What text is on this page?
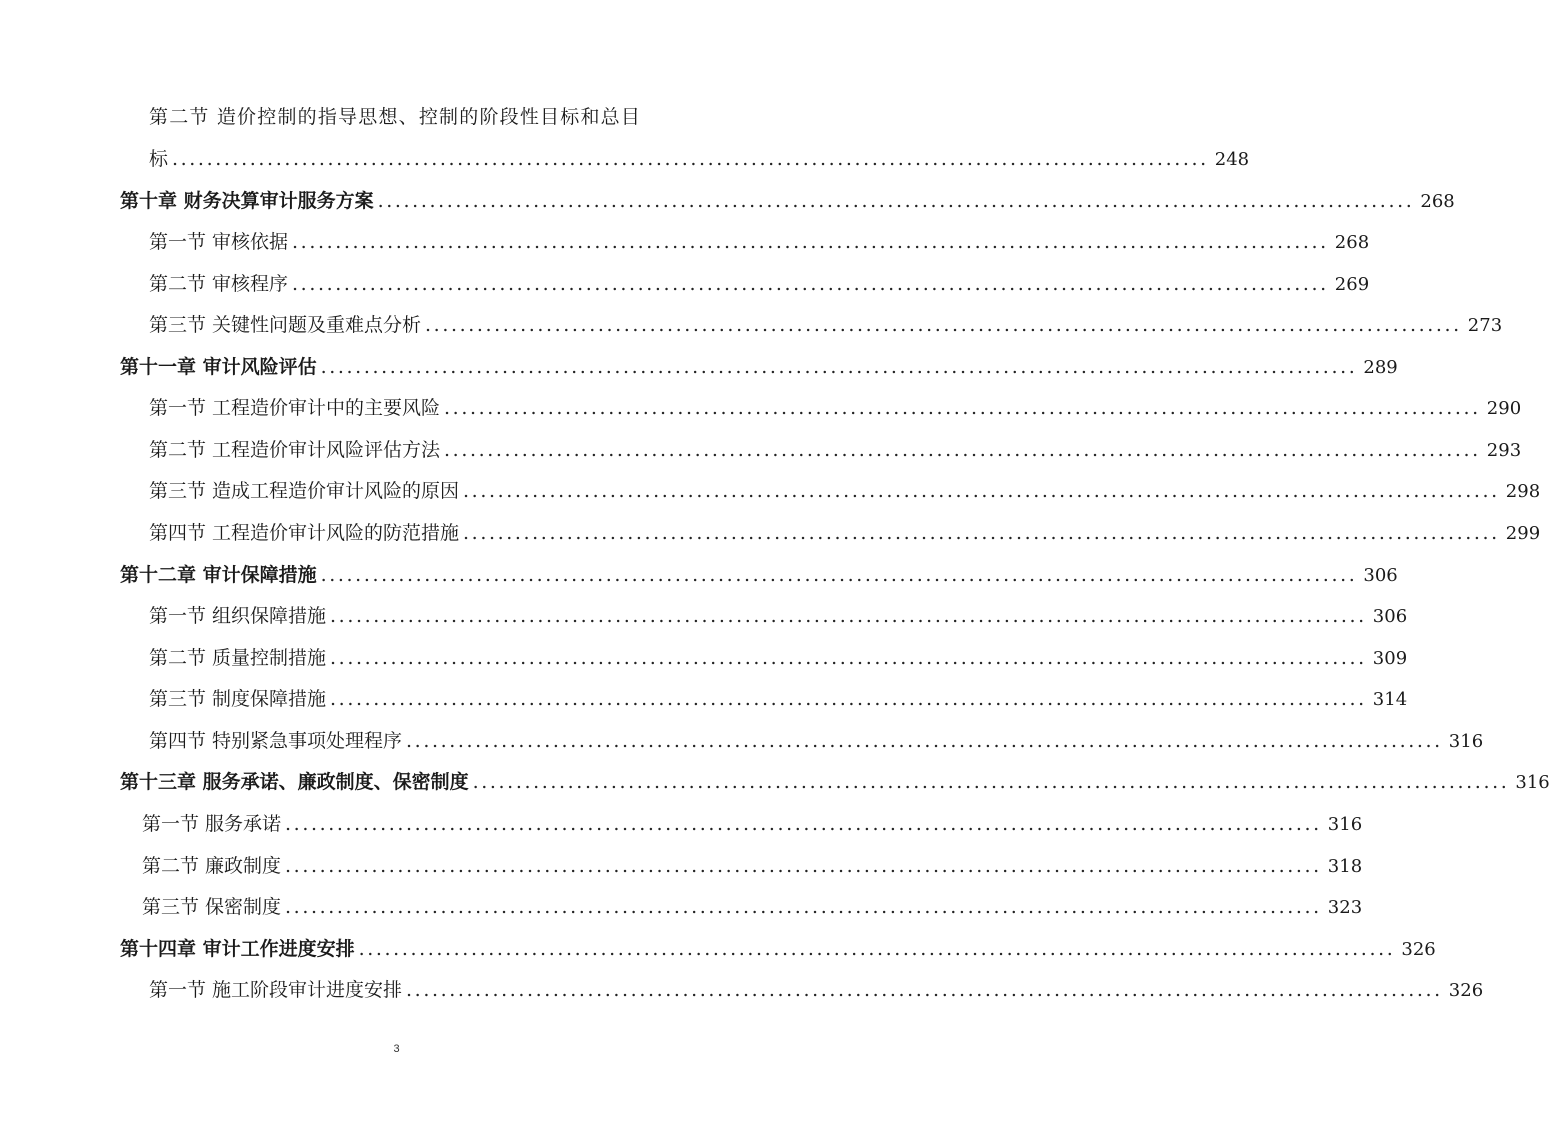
第二节 造价控制的指导思想、控制的阶段性目标和总目
标 ........................................................................................................................ 248
第十章 财务决算审计服务方案 ........................................................................................................................ 268
第一节 审核依据 ........................................................................................................................ 268
第二节 审核程序 ........................................................................................................................ 269
第三节 关键性问题及重难点分析 ........................................................................................................................ 273
第十一章 审计风险评估 ........................................................................................................................ 289
第一节 工程造价审计中的主要风险 ........................................................................................................................ 290
第二节 工程造价审计风险评估方法 ........................................................................................................................ 293
第三节 造成工程造价审计风险的原因 ........................................................................................................................ 298
第四节 工程造价审计风险的防范措施 ........................................................................................................................ 299
第十二章 审计保障措施 ........................................................................................................................ 306
第一节 组织保障措施 ........................................................................................................................ 306
第二节 质量控制措施 ........................................................................................................................ 309
第三节 制度保障措施 ........................................................................................................................ 314
第四节 特别紧急事项处理程序 ........................................................................................................................ 316
第十三章 服务承诺、廉政制度、保密制度 ........................................................................................................................ 316
第一节 服务承诺 ........................................................................................................................ 316
第二节 廉政制度 ........................................................................................................................ 318
第三节 保密制度 ........................................................................................................................ 323
第十四章 审计工作进度安排 ........................................................................................................................ 326
第一节 施工阶段审计进度安排 ........................................................................................................................ 326
3
